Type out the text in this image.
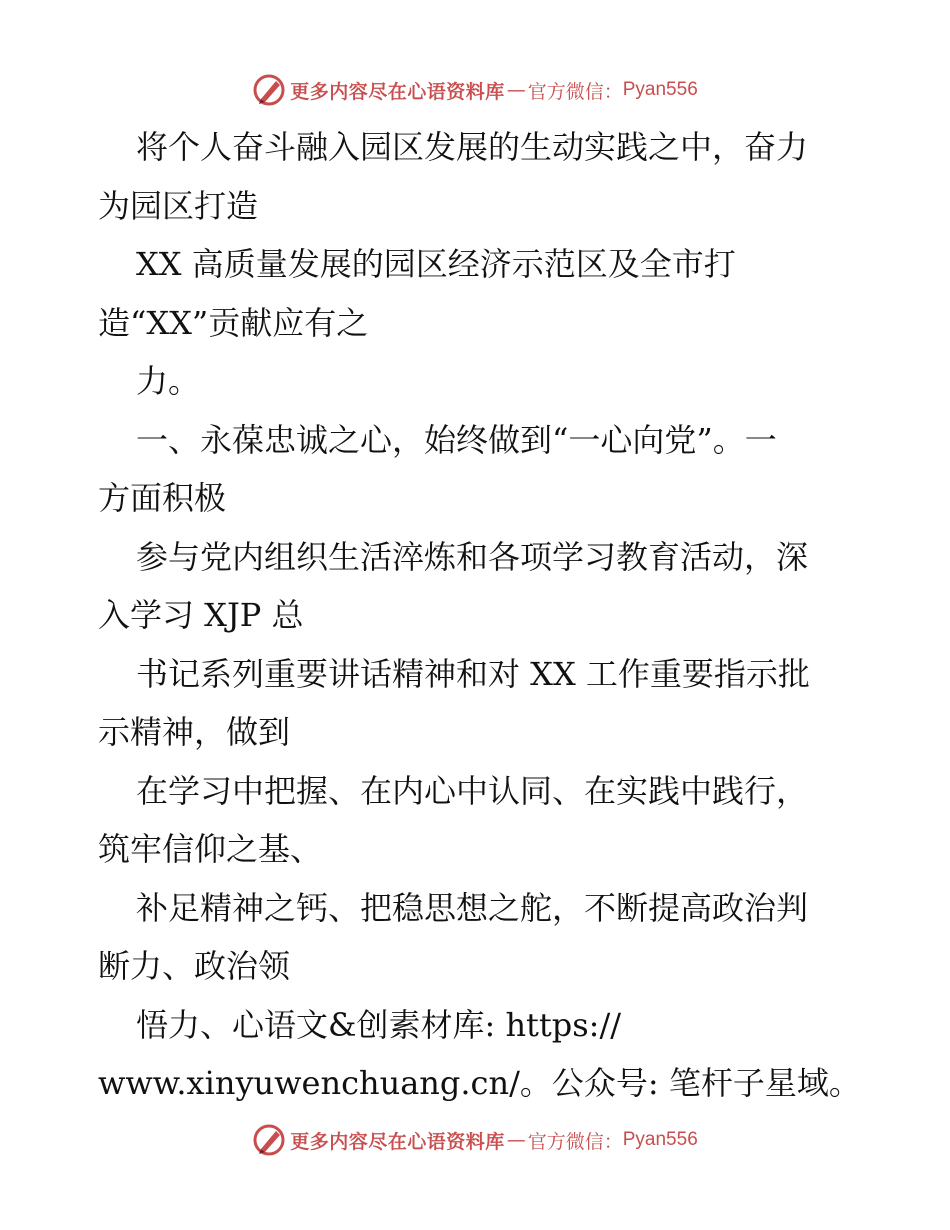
更多内容尽在心语资料库 — 官方微信： Pyan556
将个人奋斗融入园区发展的生动实践之中，奋力
为园区打造
XX 高质量发展的园区经济示范区及全市打
造“XX”贡献应有之
力。
一、永葆忠诚之心，始终做到“一心向党”。一
方面积极
参与党内组织生活淬炼和各项学习教育活动，深
入学习 XJP 总
书记系列重要讲话精神和对 XX 工作重要指示批
示精神，做到
在学习中把握、在内心中认同、在实践中践行，
筑牢信仰之基、
补足精神之钙、把稳思想之舵，不断提高政治判
断力、政治领
悟力、心语文&创素材库: https://
www.xinyuwenchuang.cn/。公众号: 笔杆子星域。
更多内容尽在心语资料库 — 官方微信： Pyan556
